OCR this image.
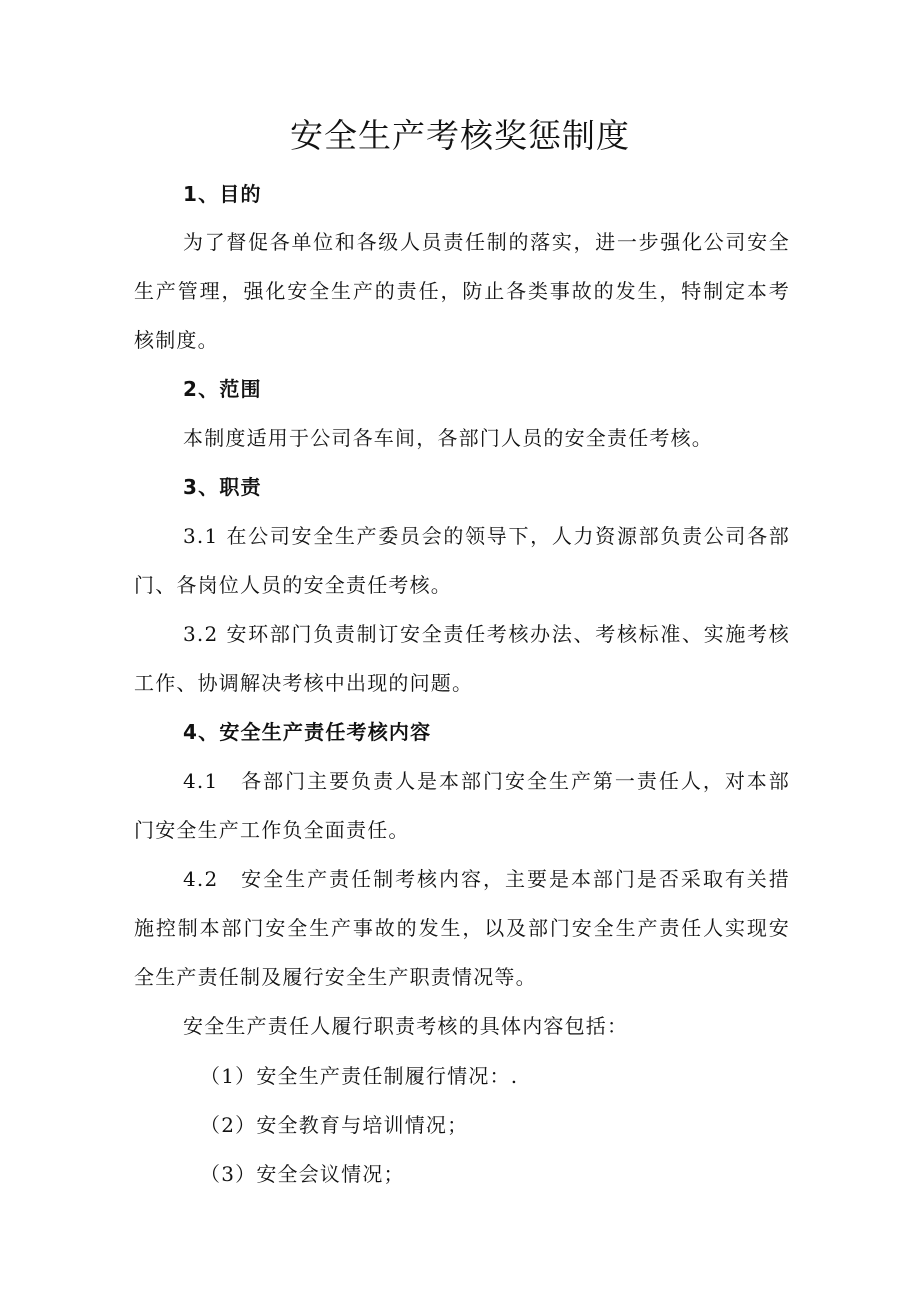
安全生产考核奖惩制度

1、目的

为了督促各单位和各级人员责任制的落实，进一步强化公司安全生产管理，强化安全生产的责任，防止各类事故的发生，特制定本考核制度。

2、范围

本制度适用于公司各车间，各部门人员的安全责任考核。

3、职责

3.1 在公司安全生产委员会的领导下，人力资源部负责公司各部门、各岗位人员的安全责任考核。

3.2 安环部门负责制订安全责任考核办法、考核标准、实施考核工作、协调解决考核中出现的问题。

4、安全生产责任考核内容

4.1　各部门主要负责人是本部门安全生产第一责任人，对本部门安全生产工作负全面责任。

4.2　安全生产责任制考核内容，主要是本部门是否采取有关措施控制本部门安全生产事故的发生，以及部门安全生产责任人实现安全生产责任制及履行安全生产职责情况等。

安全生产责任人履行职责考核的具体内容包括：

（1）安全生产责任制履行情况：.

（2）安全教育与培训情况；

（3）安全会议情况；
